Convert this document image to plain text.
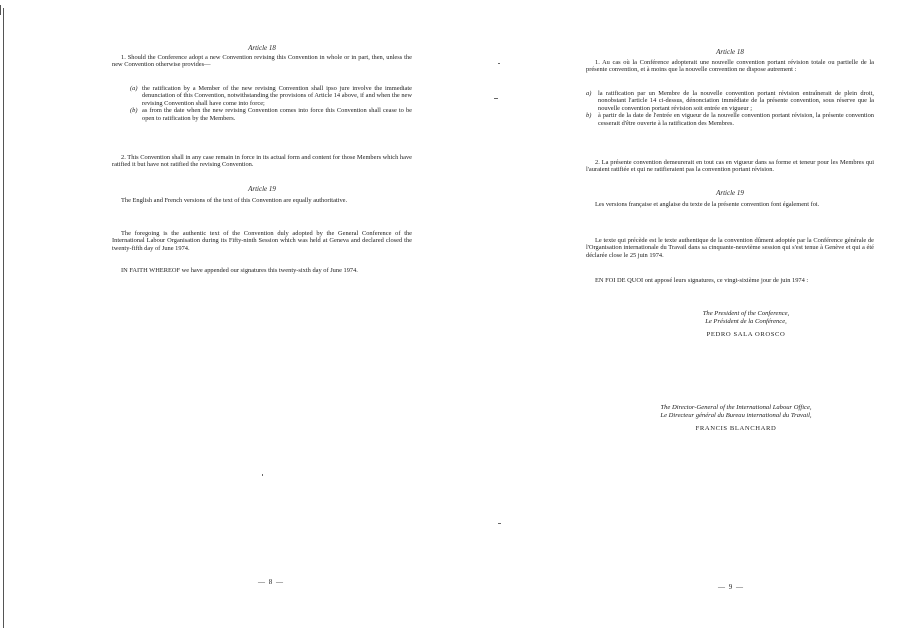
Article 18

1. Should the Conference adopt a new Convention revising this Convention in whole or in part, then, unless the new Convention otherwise provides—

(a) the ratification by a Member of the new revising Convention shall ipso jure involve the immediate denunciation of this Convention, notwithstanding the provisions of Article 14 above, if and when the new revising Convention shall have come into force;
(b) as from the date when the new revising Convention comes into force this Convention shall cease to be open to ratification by the Members.

2. This Convention shall in any case remain in force in its actual form and content for those Members which have ratified it but have not ratified the revising Convention.

Article 19

The English and French versions of the text of this Convention are equally authoritative.

The foregoing is the authentic text of the Convention duly adopted by the General Conference of the International Labour Organisation during its Fifty-ninth Session which was held at Geneva and declared closed the twenty-fifth day of June 1974.

IN FAITH WHEREOF we have appended our signatures this twenty-sixth day of June 1974.

— 8 —

Article 18

1. Au cas où la Conférence adopterait une nouvelle convention portant révision totale ou partielle de la présente convention, et à moins que la nouvelle convention ne dispose autrement :

a)	la ratification par un Membre de la nouvelle convention portant révision entraînerait de plein droit, nonobstant l'article 14 ci-dessus, dénonciation immédiate de la présente convention, sous réserve que la nouvelle convention portant révision soit entrée en vigueur ;
b)	à partir de la date de l'entrée en vigueur de la nouvelle convention portant révision, la présente convention cesserait d'être ouverte à la ratification des Membres.

2. La présente convention demeurerait en tout cas en vigueur dans sa forme et teneur pour les Membres qui l'auraient ratifiée et qui ne ratifieraient pas la convention portant révision.

Article 19

Les versions française et anglaise du texte de la présente convention font également foi.

Le texte qui précède est le texte authentique de la convention dûment adoptée par la Conférence générale de l'Organisation internationale du Travail dans sa cinquante-neuvième session qui s'est tenue à Genève et qui a été déclarée close le 25 juin 1974.

EN FOI DE QUOI ont apposé leurs signatures, ce vingt-sixième jour de juin 1974 :

The President of the Conference,
Le Président de la Conférence,
PEDRO SALA OROSCO
The Director-General of the International Labour Office,
Le Directeur général du Bureau international du Travail,
FRANCIS BLANCHARD
— 9 —
